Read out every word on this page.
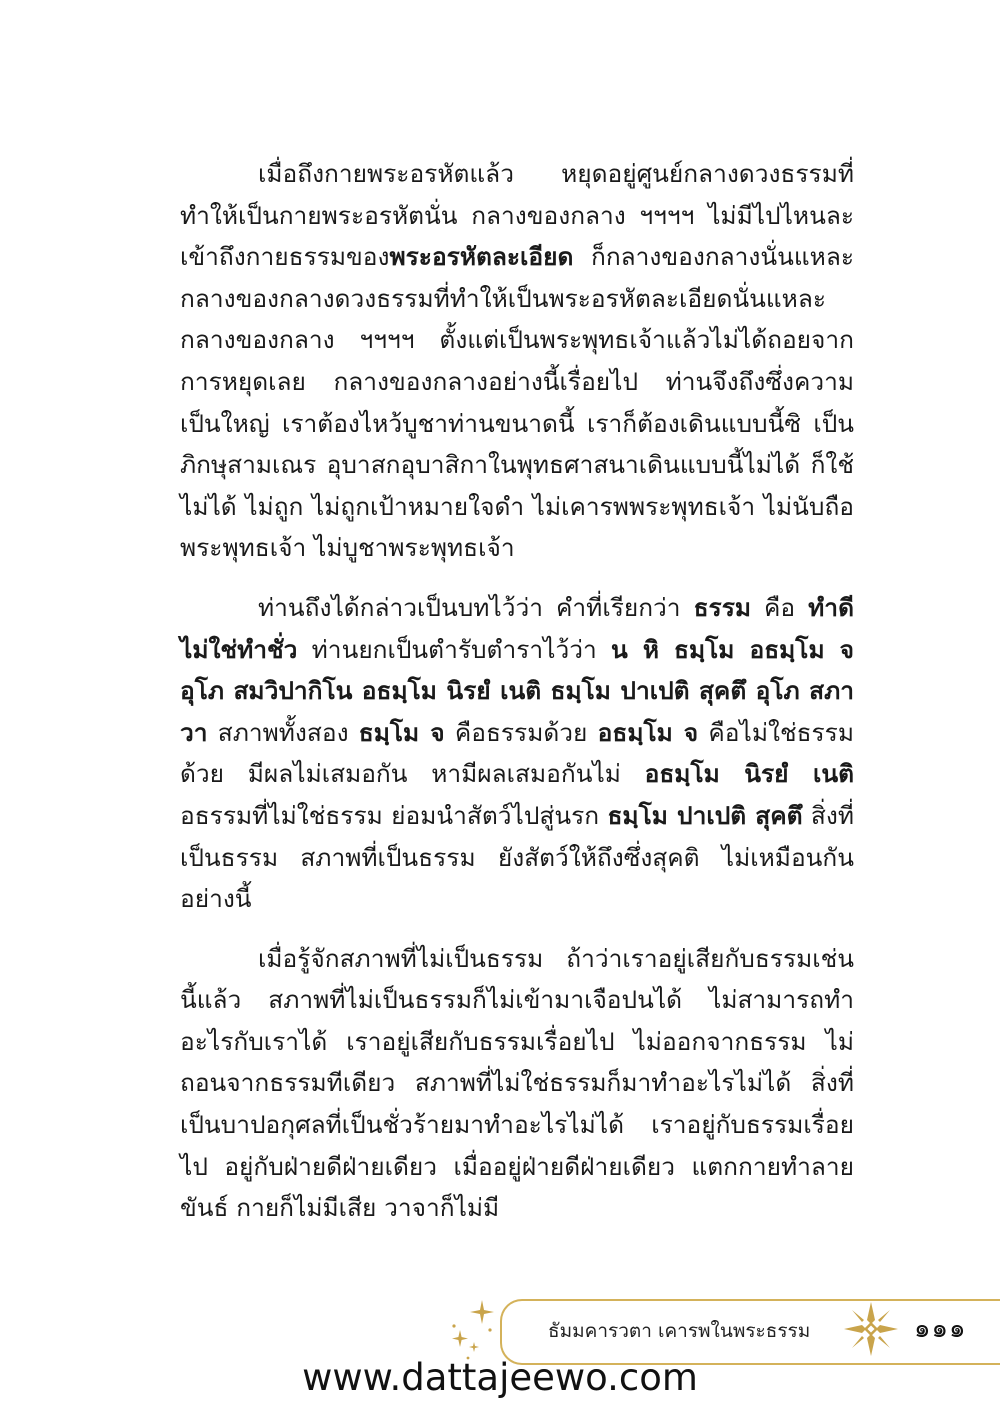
เมื่อถึงกายพระอรหัตแล้ว หยุดอยู่ศูนย์กลางดวงธรรมที่ทำให้เป็นกายพระอรหัตนั่น กลางของกลาง ฯฯฯฯ ไม่มีไปไหนละ เข้าถึงกายธรรมของพระอรหัตละเอียด ก็กลางของกลางนั่นแหละ กลางของกลางดวงธรรมที่ทำให้เป็นพระอรหัตละเอียดนั่นแหละ กลางของกลาง ฯฯฯฯ ตั้งแต่เป็นพระพุทธเจ้าแล้วไม่ได้ถอยจากการหยุดเลย กลางของกลางอย่างนี้เรื่อยไป ท่านจึงถึงซึ่งความเป็นใหญ่ เราต้องไหว้บูชาท่านขนาดนี้ เราก็ต้องเดินแบบนี้ซิ เป็นภิกษุสามเณร อุบาสกอุบาสิกาในพุทธศาสนาเดินแบบนี้ไม่ได้ ก็ใช้ไม่ได้ ไม่ถูก ไม่ถูกเป้าหมายใจดำ ไม่เคารพพระพุทธเจ้า ไม่นับถือพระพุทธเจ้า ไม่บูชาพระพุทธเจ้า

ท่านถึงได้กล่าวเป็นบทไว้ว่า คำที่เรียกว่า ธรรม คือ ทำดี ไม่ใช่ทำชั่ว ท่านยกเป็นตำรับตำราไว้ว่า น หิ ธมฺโม อธมฺโม จ อุโภ สมวิปากิโน อธมฺโม นิรยํ เนติ ธมฺโม ปาเปติ สุคตึ อุโภ สภาวา สภาพทั้งสอง ธมฺโม จ คือธรรมด้วย อธมฺโม จ คือไม่ใช่ธรรมด้วย มีผลไม่เสมอกัน หามีผลเสมอกันไม่ อธมฺโม นิรยํ เนติ อธรรมที่ไม่ใช่ธรรม ย่อมนำสัตว์ไปสู่นรก ธมฺโม ปาเปติ สุคตึ สิ่งที่เป็นธรรม สภาพที่เป็นธรรม ยังสัตว์ให้ถึงซึ่งสุคติ ไม่เหมือนกันอย่างนี้

เมื่อรู้จักสภาพที่ไม่เป็นธรรม ถ้าว่าเราอยู่เสียกับธรรมเช่นนี้แล้ว สภาพที่ไม่เป็นธรรมก็ไม่เข้ามาเจือปนได้ ไม่สามารถทำอะไรกับเราได้ เราอยู่เสียกับธรรมเรื่อยไป ไม่ออกจากธรรม ไม่ถอนจากธรรมทีเดียว สภาพที่ไม่ใช่ธรรมก็มาทำอะไรไม่ได้ สิ่งที่เป็นบาปอกุศลที่เป็นชั่วร้ายมาทำอะไรไม่ได้ เราอยู่กับธรรมเรื่อยไป อยู่กับฝ่ายดีฝ่ายเดียว เมื่ออยู่ฝ่ายดีฝ่ายเดียว แตกกายทำลายขันธ์ กายก็ไม่มีเสีย วาจาก็ไม่มี

ธัมมคารวตา เคารพในพระธรรม	๑๑๑
www.dattajeewo.com
